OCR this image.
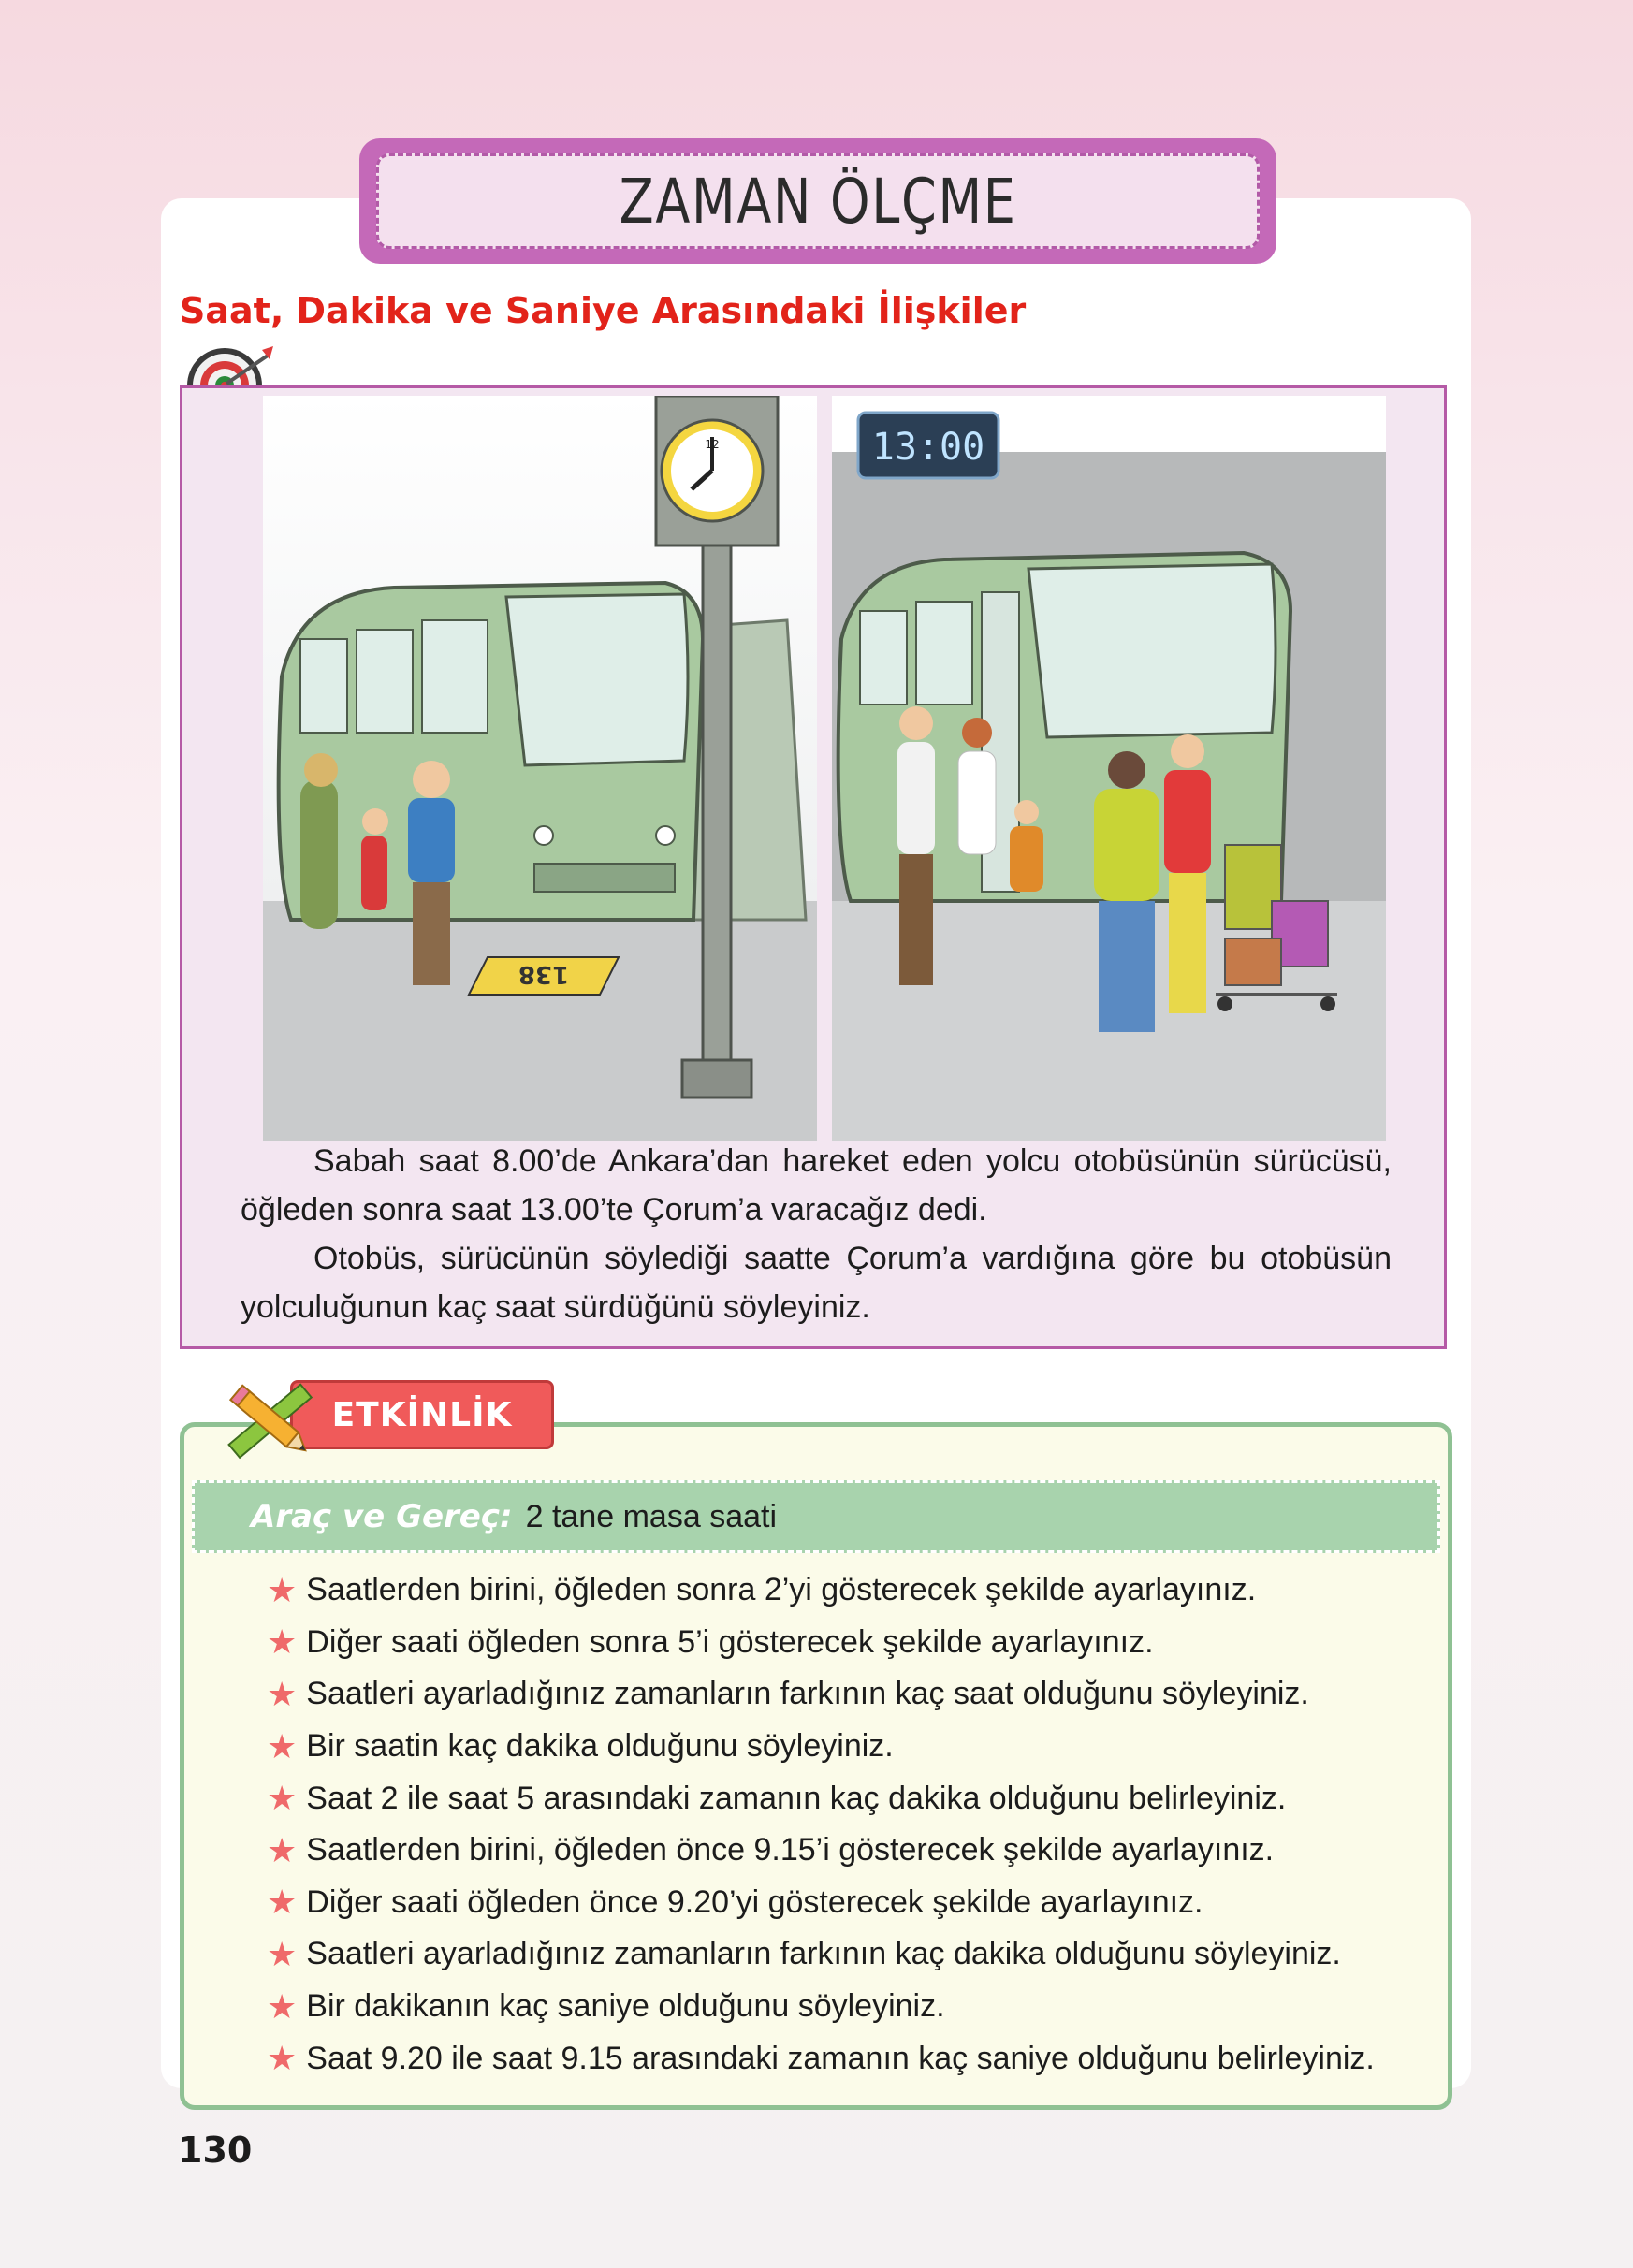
ZAMAN ÖLÇME
Saat, Dakika ve Saniye Arasındaki İlişkiler
138
12	13:00

Sabah saat 8.00’de Ankara’dan hareket eden yolcu otobüsünün sürücüsü, öğleden sonra saat 13.00’te Çorum’a varacağız dedi.

Otobüs, sürücünün söylediği saatte Çorum’a vardığına göre bu otobüsün yolculuğunun kaç saat sürdüğünü söyleyiniz.

ETKİNLİK
Araç ve Gereç: 2 tane masa saati
★ Saatlerden birini, öğleden sonra 2’yi gösterecek şekilde ayarlayınız.
★ Diğer saati öğleden sonra 5’i gösterecek şekilde ayarlayınız.
★ Saatleri ayarladığınız zamanların farkının kaç saat olduğunu söyleyiniz.
★ Bir saatin kaç dakika olduğunu söyleyiniz.
★ Saat 2 ile saat 5 arasındaki zamanın kaç dakika olduğunu belirleyiniz.
★ Saatlerden birini, öğleden önce 9.15’i gösterecek şekilde ayarlayınız.
★ Diğer saati öğleden önce 9.20’yi gösterecek şekilde ayarlayınız.
★ Saatleri ayarladığınız zamanların farkının kaç dakika olduğunu söyleyiniz.
★ Bir dakikanın kaç saniye olduğunu söyleyiniz.
★ Saat 9.20 ile saat 9.15 arasındaki zamanın kaç saniye olduğunu belirleyiniz.
130
